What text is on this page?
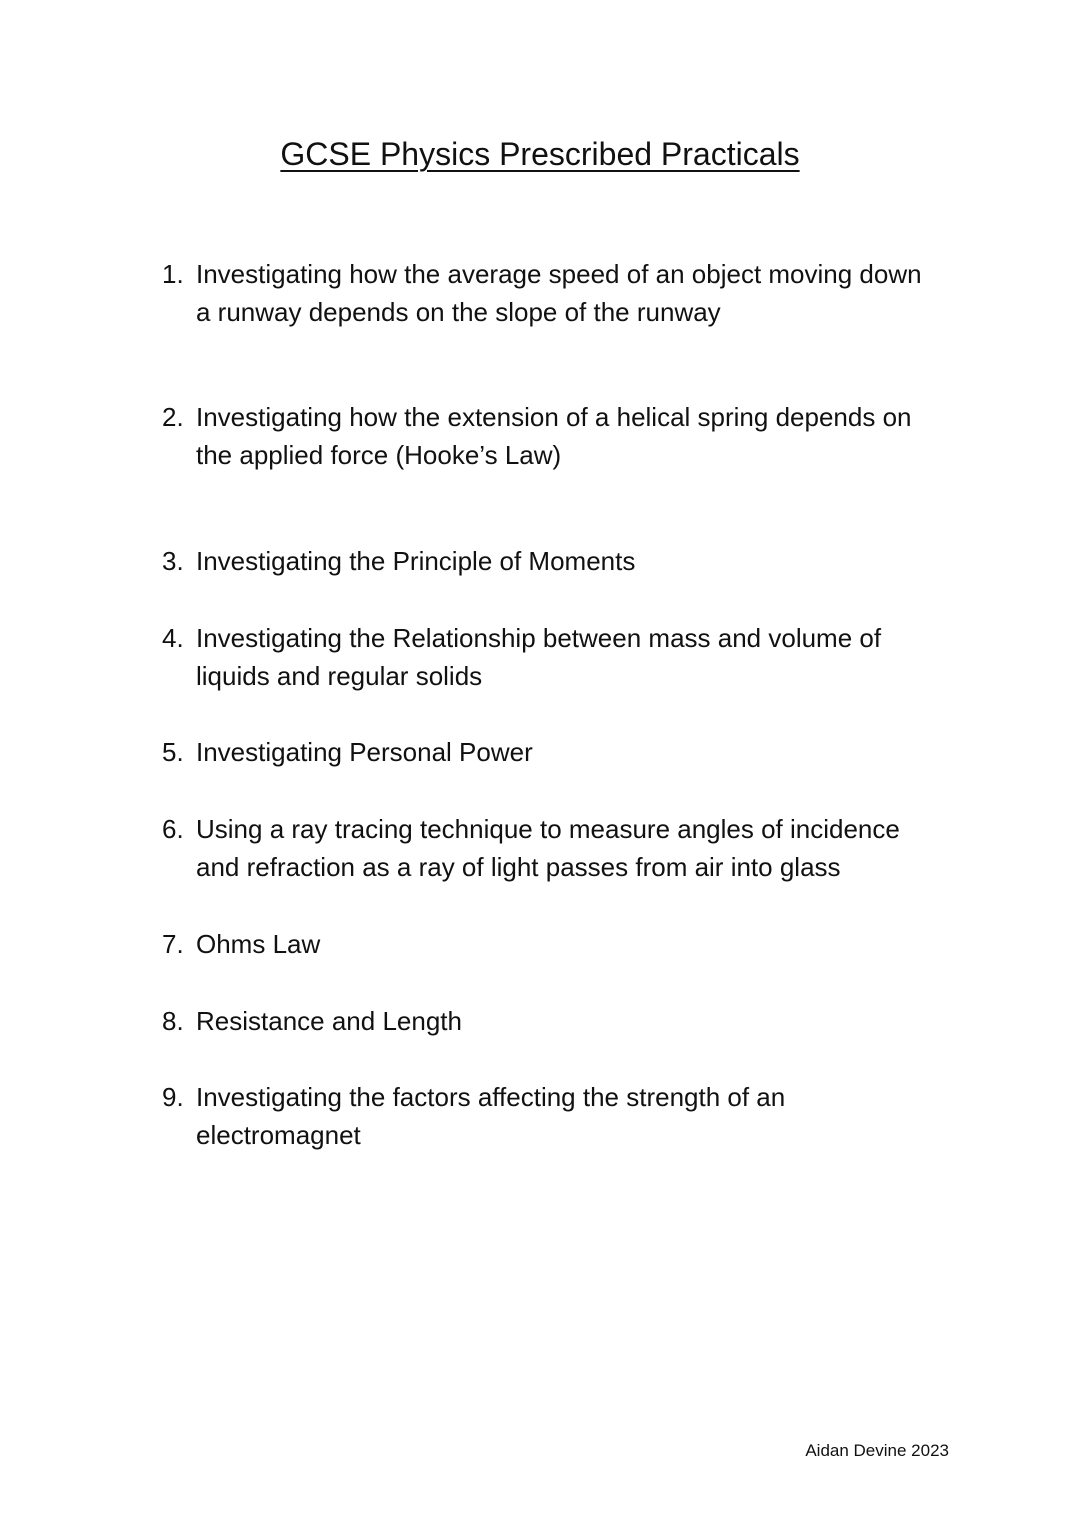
GCSE Physics Prescribed Practicals
1. Investigating how the average speed of an object moving down
a runway depends on the slope of the runway
2. Investigating how the extension of a helical spring depends on
the applied force (Hooke’s Law)
3. Investigating the Principle of Moments
4. Investigating the Relationship between mass and volume of
liquids and regular solids
5. Investigating Personal Power
6. Using a ray tracing technique to measure angles of incidence
and refraction as a ray of light passes from air into glass
7. Ohms Law
8. Resistance and Length
9. Investigating the factors affecting the strength of an
electromagnet
Aidan Devine 2023
